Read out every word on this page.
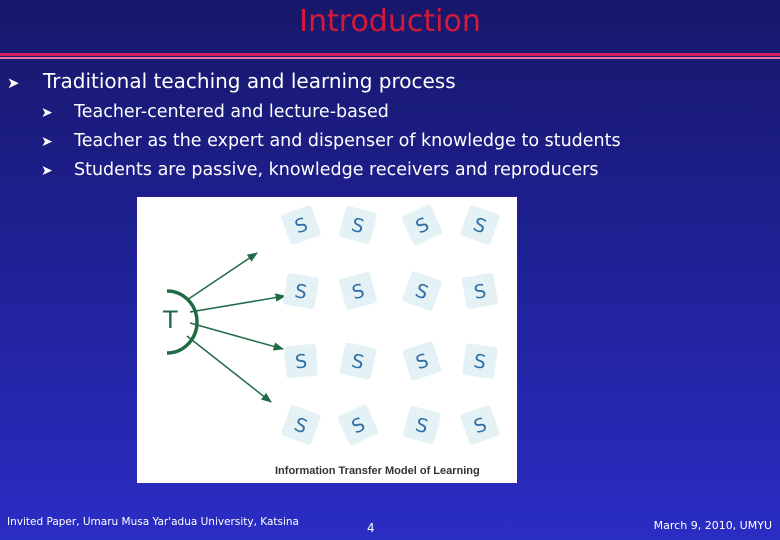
Introduction
➤ Traditional teaching and learning process
➤ Teacher-centered and lecture-based
➤ Teacher as the expert and dispenser of knowledge to students
➤ Students are passive, knowledge receivers and reproducers
T
S S S S
S S S S
S S S S
S S S S
Information Transfer Model of Learning
Invited Paper, Umaru Musa Yar'adua University, Katsina	4	March 9, 2010, UMYU
